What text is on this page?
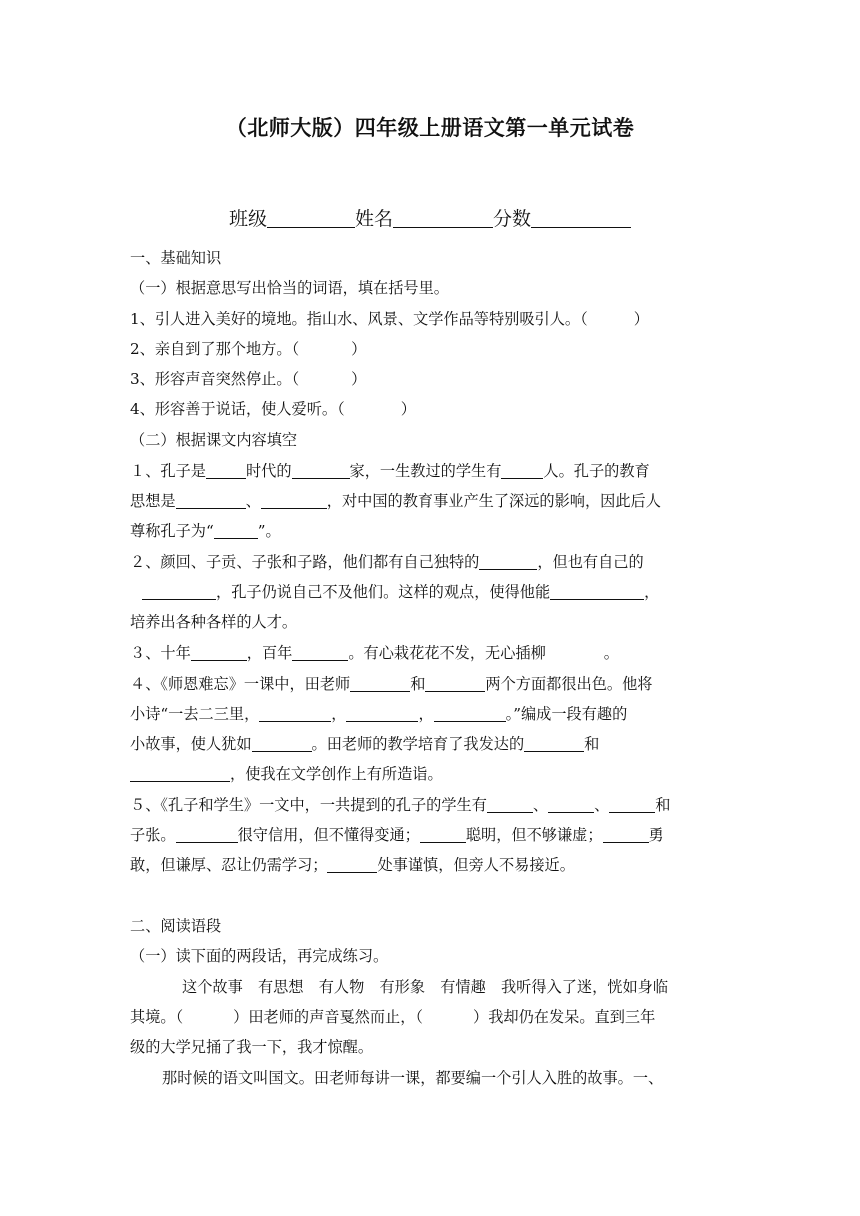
（北师大版）四年级上册语文第一单元试卷
班级	姓名	分数
一、基础知识
（一）根据意思写出恰当的词语，填在括号里。
1、引人进入美好的境地。指山水、风景、文学作品等特别吸引人。（	）
2、亲自到了那个地方。（	）
3、形容声音突然停止。（	）
4、形容善于说话，使人爱听。（	）
（二）根据课文内容填空
１、孔子是	时代的	家，一生教过的学生有	人。孔子的教育
思想是	、	，对中国的教育事业产生了深远的影响，因此后人
尊称孔子为“	”。
２、颜回、子贡、子张和子路，他们都有自己独特的	，但也有自己的
，孔子仍说自己不及他们。这样的观点，使得他能	，
培养出各种各样的人才。
３、十年	，百年	。有心栽花花不发，无心插柳	。
４、《师恩难忘》一课中，田老师	和	两个方面都很出色。他将
小诗“一去二三里，	，	，	。”编成一段有趣的
小故事，使人犹如	。田老师的教学培育了我发达的	和
，使我在文学创作上有所造诣。
５、《孔子和学生》一文中，一共提到的孔子的学生有	、	、	和
子张。	很守信用，但不懂得变通；	聪明，但不够谦虚；	勇
敢，但谦厚、忍让仍需学习；	处事谨慎，但旁人不易接近。
二、阅读语段
（一）读下面的两段话，再完成练习。
这个故事　有思想　有人物　有形象　有情趣　我听得入了迷，恍如身临
其境。（	）田老师的声音戛然而止，（	）我却仍在发呆。直到三年
级的大学兄捅了我一下，我才惊醒。
那时候的语文叫国文。田老师每讲一课，都要编一个引人入胜的故事。一、
